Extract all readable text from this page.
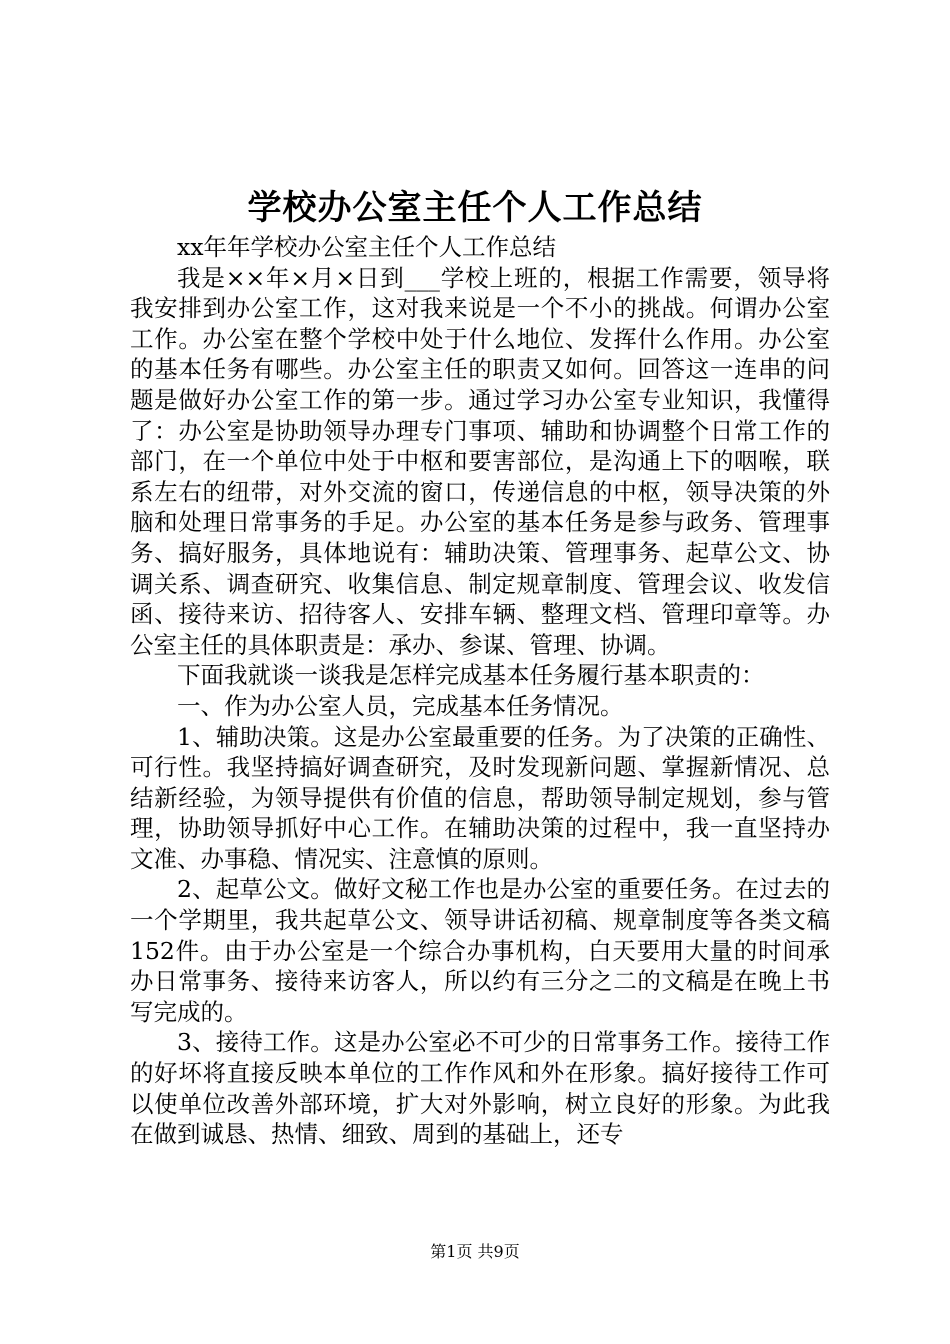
学校办公室主任个人工作总结

xx年年学校办公室主任个人工作总结

我是××年×月×日到___学校上班的，根据工作需要，领导将我安排到办公室工作，这对我来说是一个不小的挑战。何谓办公室工作。办公室在整个学校中处于什么地位、发挥什么作用。办公室的基本任务有哪些。办公室主任的职责又如何。回答这一连串的问题是做好办公室工作的第一步。通过学习办公室专业知识，我懂得了：办公室是协助领导办理专门事项、辅助和协调整个日常工作的部门，在一个单位中处于中枢和要害部位，是沟通上下的咽喉，联系左右的纽带，对外交流的窗口，传递信息的中枢，领导决策的外脑和处理日常事务的手足。办公室的基本任务是参与政务、管理事务、搞好服务，具体地说有：辅助决策、管理事务、起草公文、协调关系、调查研究、收集信息、制定规章制度、管理会议、收发信函、接待来访、招待客人、安排车辆、整理文档、管理印章等。办公室主任的具体职责是：承办、参谋、管理、协调。

下面我就谈一谈我是怎样完成基本任务履行基本职责的：

一、作为办公室人员，完成基本任务情况。

1、辅助决策。这是办公室最重要的任务。为了决策的正确性、可行性。我坚持搞好调查研究，及时发现新问题、掌握新情况、总结新经验，为领导提供有价值的信息，帮助领导制定规划，参与管理，协助领导抓好中心工作。在辅助决策的过程中，我一直坚持办文准、办事稳、情况实、注意慎的原则。

2、起草公文。做好文秘工作也是办公室的重要任务。在过去的一个学期里，我共起草公文、领导讲话初稿、规章制度等各类文稿152件。由于办公室是一个综合办事机构，白天要用大量的时间承办日常事务、接待来访客人，所以约有三分之二的文稿是在晚上书写完成的。

3、接待工作。这是办公室必不可少的日常事务工作。接待工作的好坏将直接反映本单位的工作作风和外在形象。搞好接待工作可以使单位改善外部环境，扩大对外影响，树立良好的形象。为此我在做到诚恳、热情、细致、周到的基础上，还专

第1页 共9页
